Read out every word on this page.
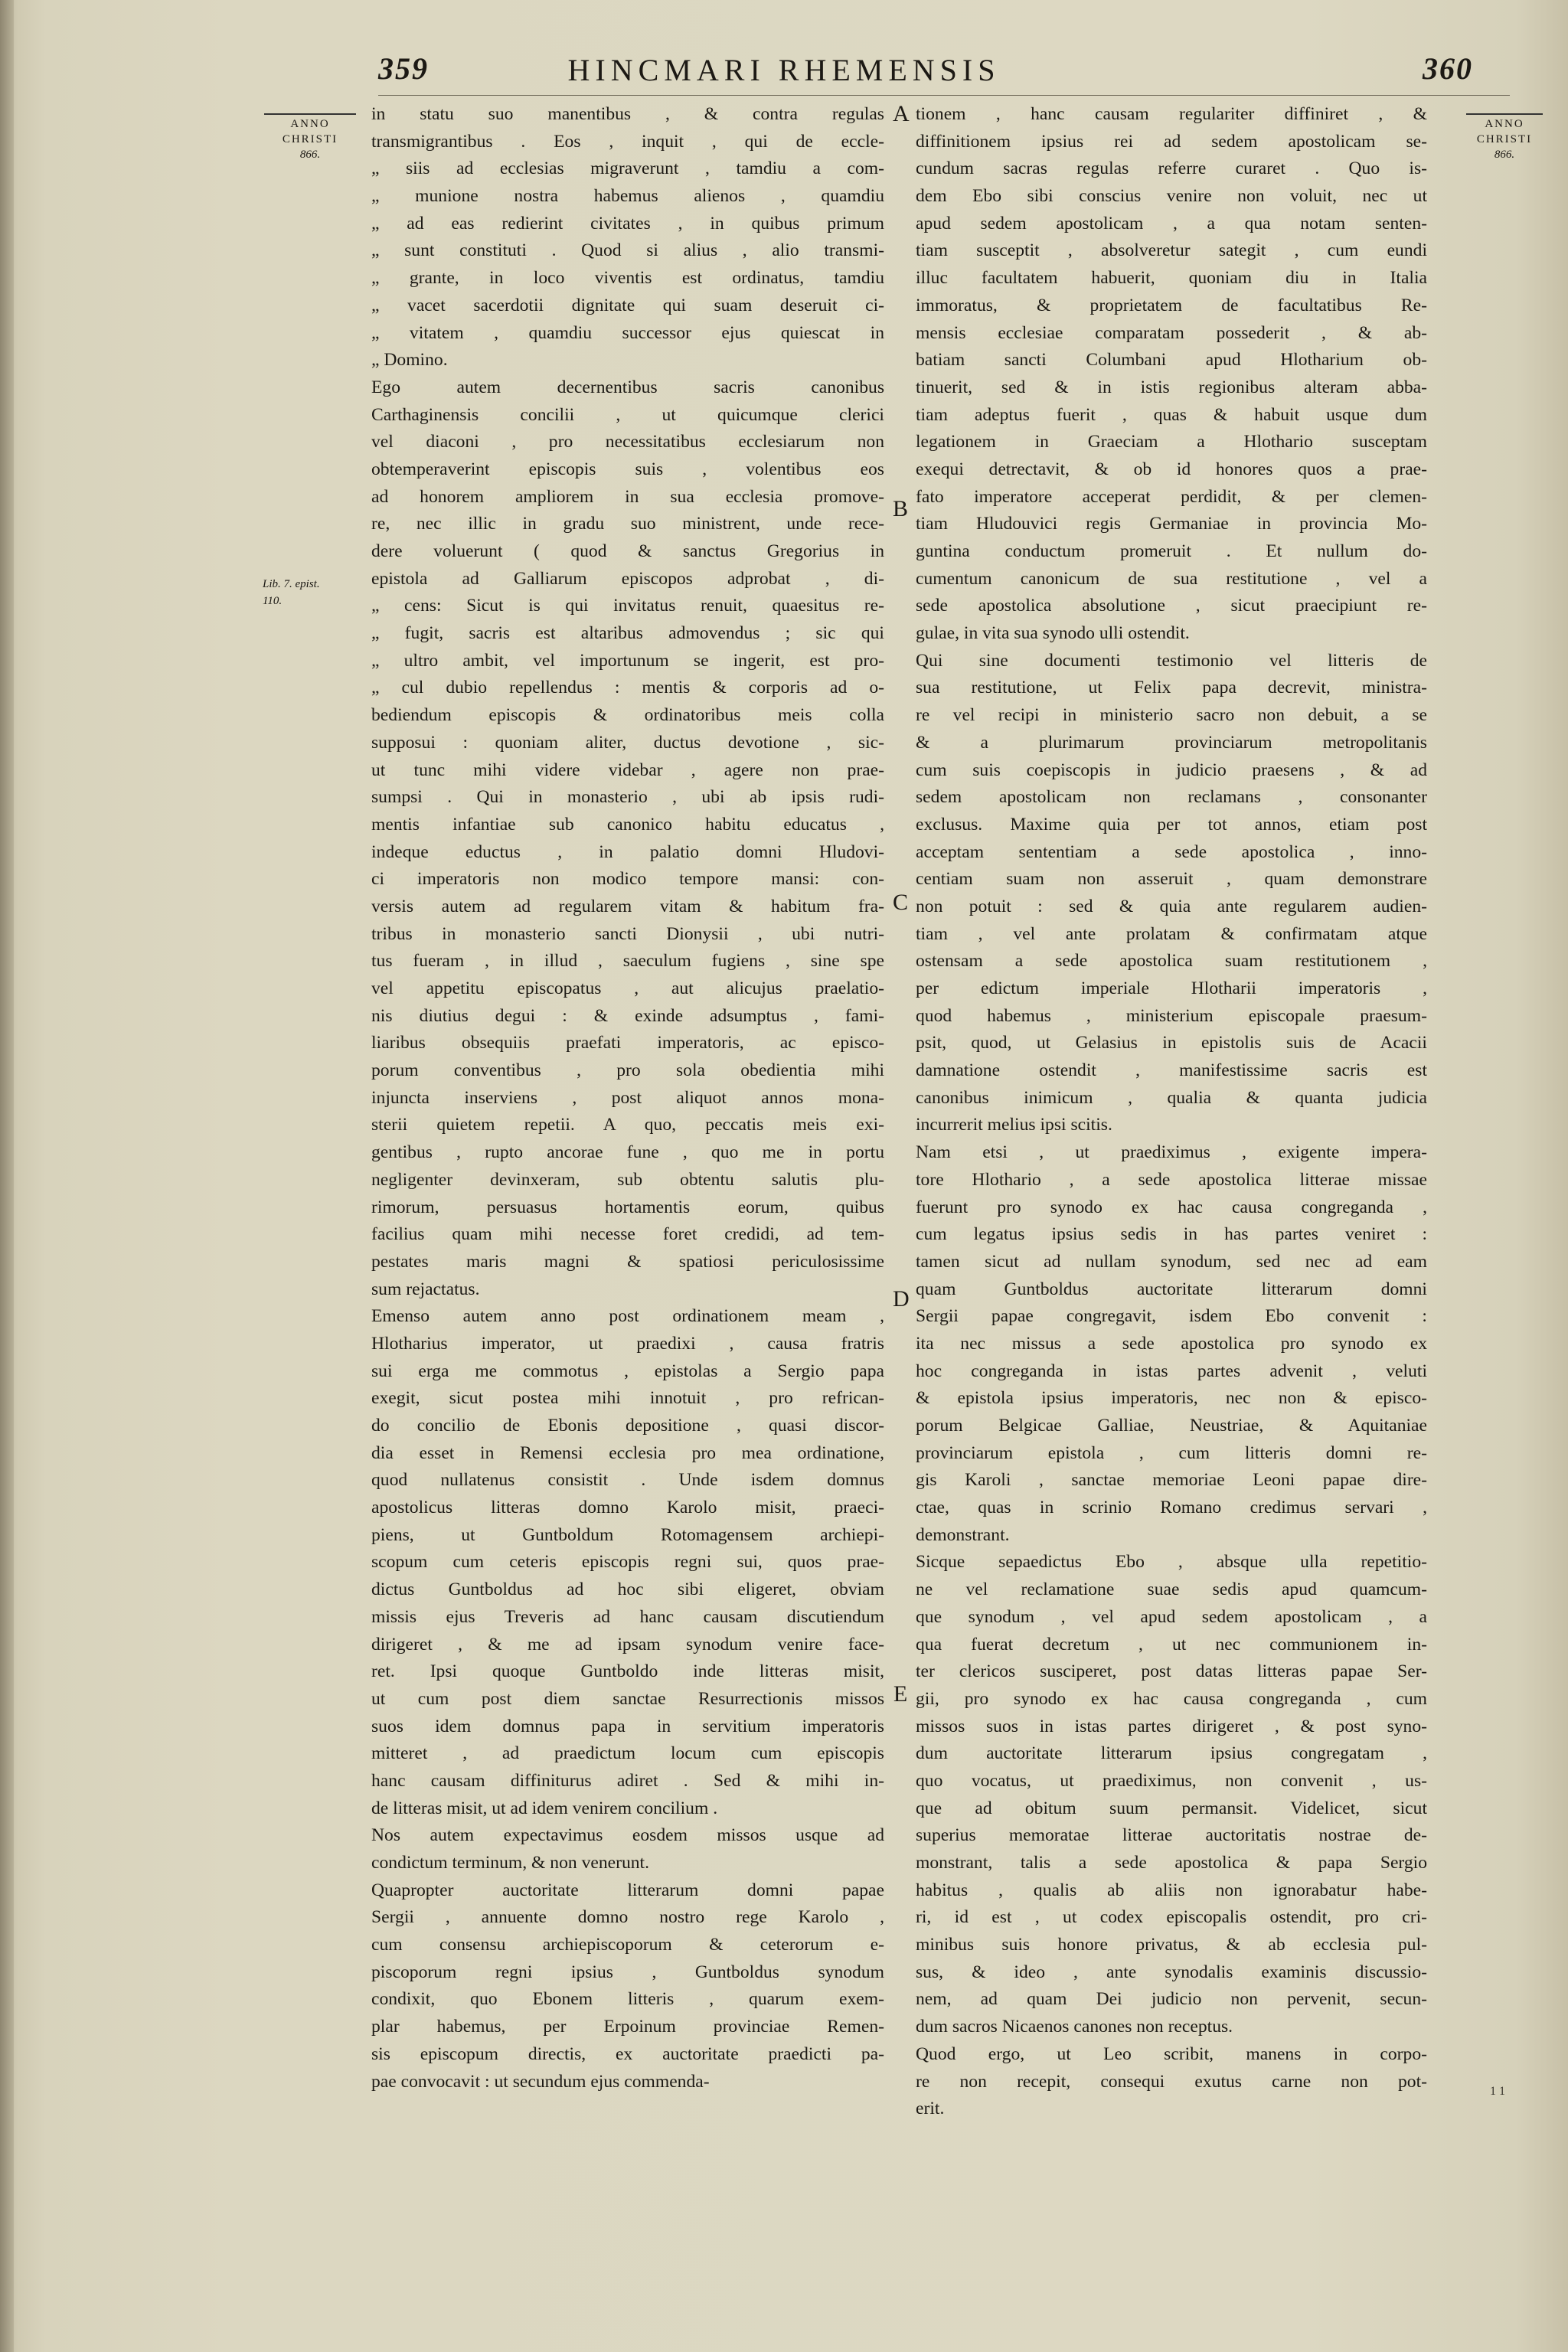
359	HINCMARI RHEMENSIS	360
ANNO
CHRISTI
866.
ANNO
CHRISTI
866.
Lib. 7. epist.
110.
A
B
C
D
E
in statu suo manentibus , & contra regulas
transmigrantibus . Eos , inquit , qui de eccle-
„ siis ad ecclesias migraverunt , tamdiu a com-
„ munione nostra habemus alienos , quamdiu
„ ad eas redierint civitates , in quibus primum
„ sunt constituti . Quod si alius , alio transmi-
„ grante, in loco viventis est ordinatus, tamdiu
„ vacet sacerdotii dignitate qui suam deseruit ci-
„ vitatem , quamdiu successor ejus quiescat in
„ Domino.
Ego autem decernentibus sacris canonibus
Carthaginensis concilii , ut quicumque clerici
vel diaconi , pro necessitatibus ecclesiarum non
obtemperaverint episcopis suis , volentibus eos
ad honorem ampliorem in sua ecclesia promove-
re, nec illic in gradu suo ministrent, unde rece-
dere voluerunt ( quod & sanctus Gregorius in
epistola ad Galliarum episcopos adprobat , di-
„ cens: Sicut is qui invitatus renuit, quaesitus re-
„ fugit, sacris est altaribus admovendus ; sic qui
„ ultro ambit, vel importunum se ingerit, est pro-
„ cul dubio repellendus : mentis & corporis ad o-
bediendum episcopis & ordinatoribus meis colla
supposui : quoniam aliter, ductus devotione , sic-
ut tunc mihi videre videbar , agere non prae-
sumpsi . Qui in monasterio , ubi ab ipsis rudi-
mentis infantiae sub canonico habitu educatus ,
indeque eductus , in palatio domni Hludovi-
ci imperatoris non modico tempore mansi: con-
versis autem ad regularem vitam & habitum fra-
tribus in monasterio sancti Dionysii , ubi nutri-
tus fueram , in illud , saeculum fugiens , sine spe
vel appetitu episcopatus , aut alicujus praelatio-
nis diutius degui : & exinde adsumptus , fami-
liaribus obsequiis praefati imperatoris, ac episco-
porum conventibus , pro sola obedientia mihi
injuncta inserviens , post aliquot annos mona-
sterii quietem repetii. A quo, peccatis meis exi-
gentibus , rupto ancorae fune , quo me in portu
negligenter devinxeram, sub obtentu salutis plu-
rimorum, persuasus hortamentis eorum, quibus
facilius quam mihi necesse foret credidi, ad tem-
pestates maris magni & spatiosi periculosissime
sum rejactatus.
Emenso autem anno post ordinationem meam ,
Hlotharius imperator, ut praedixi , causa fratris
sui erga me commotus , epistolas a Sergio papa
exegit, sicut postea mihi innotuit , pro refrican-
do concilio de Ebonis depositione , quasi discor-
dia esset in Remensi ecclesia pro mea ordinatione,
quod nullatenus consistit . Unde isdem domnus
apostolicus litteras domno Karolo misit, praeci-
piens, ut Guntboldum Rotomagensem archiepi-
scopum cum ceteris episcopis regni sui, quos prae-
dictus Guntboldus ad hoc sibi eligeret, obviam
missis ejus Treveris ad hanc causam discutiendum
dirigeret , & me ad ipsam synodum venire face-
ret. Ipsi quoque Guntboldo inde litteras misit,
ut cum post diem sanctae Resurrectionis missos
suos idem domnus papa in servitium imperatoris
mitteret , ad praedictum locum cum episcopis
hanc causam diffiniturus adiret . Sed & mihi in-
de litteras misit, ut ad idem venirem concilium .
Nos autem expectavimus eosdem missos usque ad
condictum terminum, & non venerunt.
Quapropter auctoritate litterarum domni papae
Sergii , annuente domno nostro rege Karolo ,
cum consensu archiepiscoporum & ceterorum e-
piscoporum regni ipsius , Guntboldus synodum
condixit, quo Ebonem litteris , quarum exem-
plar habemus, per Erpoinum provinciae Remen-
sis episcopum directis, ex auctoritate praedicti pa-
pae convocavit : ut secundum ejus commenda-
tionem , hanc causam regulariter diffiniret , &
diffinitionem ipsius rei ad sedem apostolicam se-
cundum sacras regulas referre curaret . Quo is-
dem Ebo sibi conscius venire non voluit, nec ut
apud sedem apostolicam , a qua notam senten-
tiam susceptit , absolveretur sategit , cum eundi
illuc facultatem habuerit, quoniam diu in Italia
immoratus, & proprietatem de facultatibus Re-
mensis ecclesiae comparatam possederit , & ab-
batiam sancti Columbani apud Hlotharium ob-
tinuerit, sed & in istis regionibus alteram abba-
tiam adeptus fuerit , quas & habuit usque dum
legationem in Graeciam a Hlothario susceptam
exequi detrectavit, & ob id honores quos a prae-
fato imperatore acceperat perdidit, & per clemen-
tiam Hludouvici regis Germaniae in provincia Mo-
guntina conductum promeruit . Et nullum do-
cumentum canonicum de sua restitutione , vel a
sede apostolica absolutione , sicut praecipiunt re-
gulae, in vita sua synodo ulli ostendit.
Qui sine documenti testimonio vel litteris de
sua restitutione, ut Felix papa decrevit, ministra-
re vel recipi in ministerio sacro non debuit, a se
& a plurimarum provinciarum metropolitanis
cum suis coepiscopis in judicio praesens , & ad
sedem apostolicam non reclamans , consonanter
exclusus. Maxime quia per tot annos, etiam post
acceptam sententiam a sede apostolica , inno-
centiam suam non asseruit , quam demonstrare
non potuit : sed & quia ante regularem audien-
tiam , vel ante prolatam & confirmatam atque
ostensam a sede apostolica suam restitutionem ,
per edictum imperiale Hlotharii imperatoris ,
quod habemus , ministerium episcopale praesum-
psit, quod, ut Gelasius in epistolis suis de Acacii
damnatione ostendit , manifestissime sacris est
canonibus inimicum , qualia & quanta judicia
incurrerit melius ipsi scitis.
Nam etsi , ut praediximus , exigente impera-
tore Hlothario , a sede apostolica litterae missae
fuerunt pro synodo ex hac causa congreganda ,
cum legatus ipsius sedis in has partes veniret :
tamen sicut ad nullam synodum, sed nec ad eam
quam Guntboldus auctoritate litterarum domni
Sergii papae congregavit, isdem Ebo convenit :
ita nec missus a sede apostolica pro synodo ex
hoc congreganda in istas partes advenit , veluti
& epistola ipsius imperatoris, nec non & episco-
porum Belgicae Galliae, Neustriae, & Aquitaniae
provinciarum epistola , cum litteris domni re-
gis Karoli , sanctae memoriae Leoni papae dire-
ctae, quas in scrinio Romano credimus servari ,
demonstrant.
Sicque sepaedictus Ebo , absque ulla repetitio-
ne vel reclamatione suae sedis apud quamcum-
que synodum , vel apud sedem apostolicam , a
qua fuerat decretum , ut nec communionem in-
ter clericos susciperet, post datas litteras papae Ser-
gii, pro synodo ex hac causa congreganda , cum
missos suos in istas partes dirigeret , & post syno-
dum auctoritate litterarum ipsius congregatam ,
quo vocatus, ut praediximus, non convenit , us-
que ad obitum suum permansit. Videlicet, sicut
superius memoratae litterae auctoritatis nostrae de-
monstrant, talis a sede apostolica & papa Sergio
habitus , qualis ab aliis non ignorabatur habe-
ri, id est , ut codex episcopalis ostendit, pro cri-
minibus suis honore privatus, & ab ecclesia pul-
sus, & ideo , ante synodalis examinis discussio-
nem, ad quam Dei judicio non pervenit, secun-
dum sacros Nicaenos canones non receptus.
Quod ergo, ut Leo scribit, manens in corpo-
re non recepit, consequi exutus carne non pot-
erit.
1 1
